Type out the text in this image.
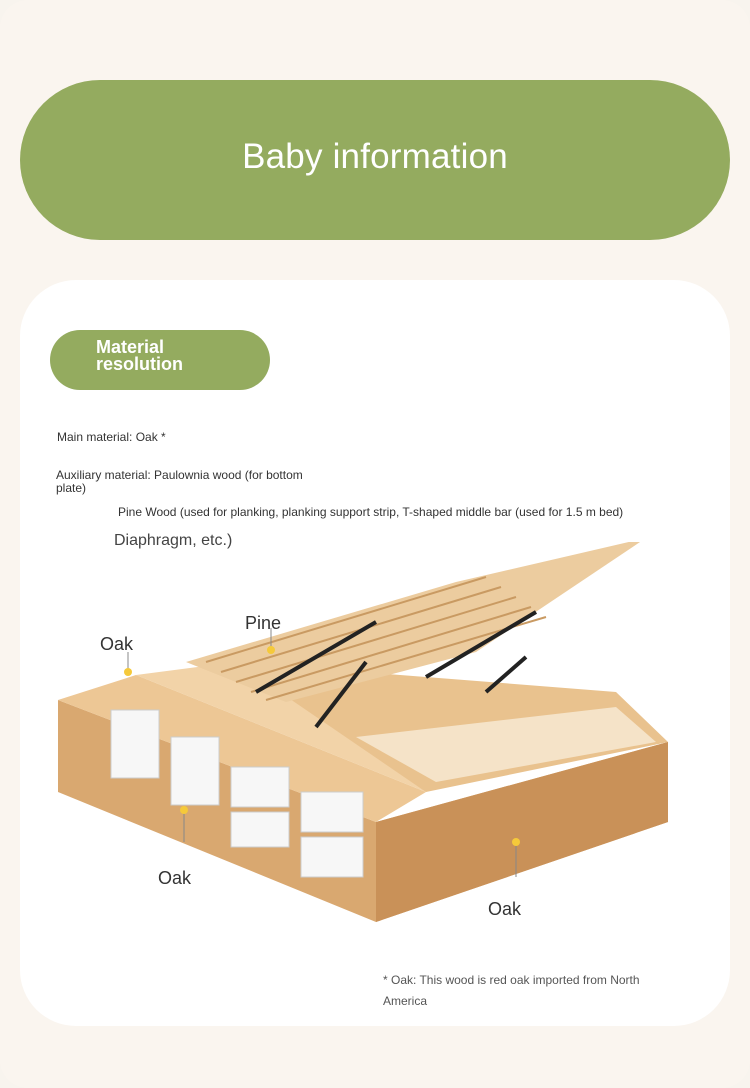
Baby information
Material
resolution
Main material: Oak *
Auxiliary material: Paulownia wood (for bottom plate)
Pine Wood (used for planking, planking support strip, T-shaped middle bar (used for 1.5 m bed)
Diaphragm, etc.)
Oak
Pine
Oak
Oak
* Oak: This wood is red oak imported from North America
